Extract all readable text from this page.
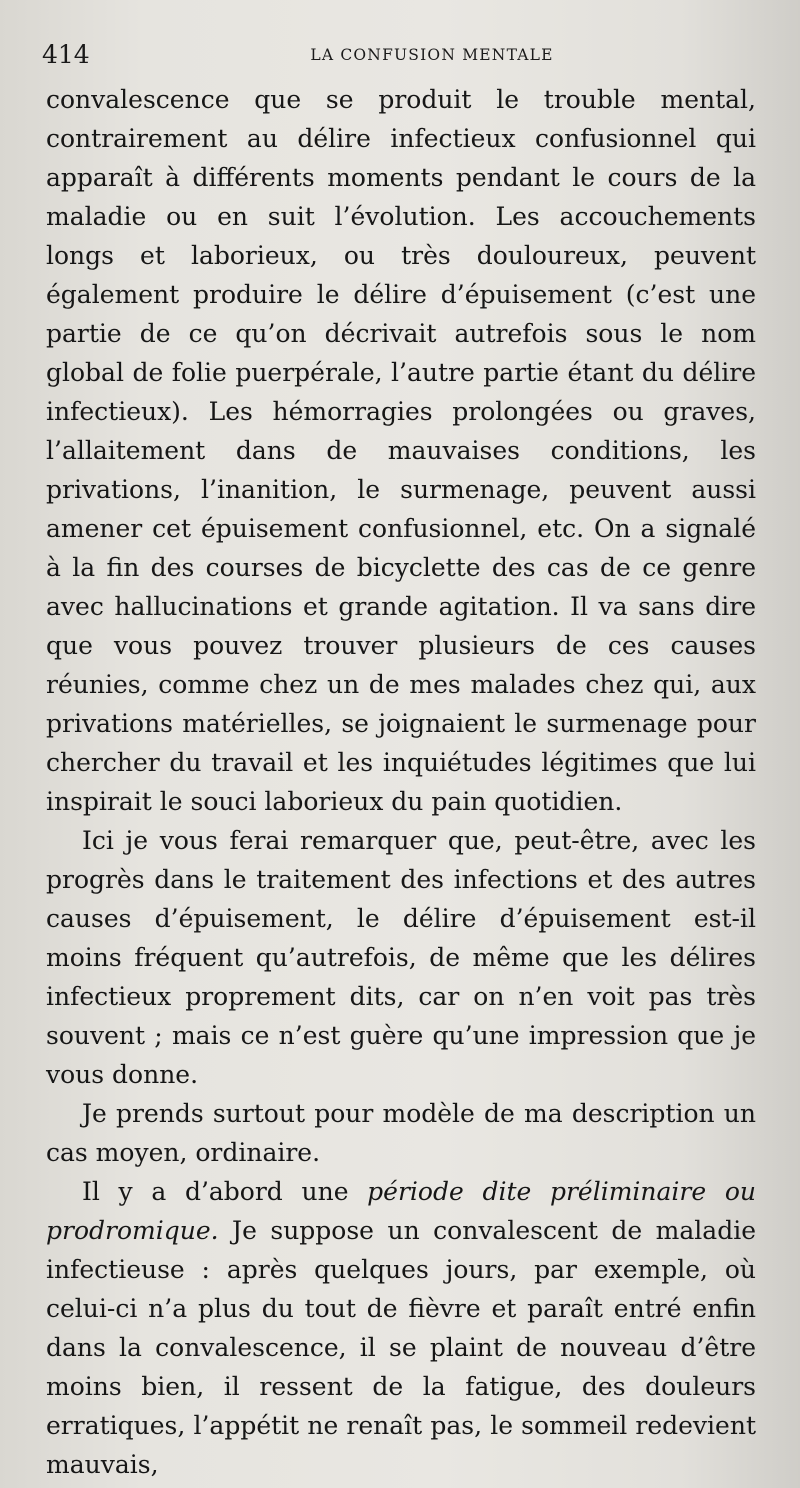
414	LA CONFUSION MENTALE

convalescence que se produit le trouble mental, contrairement au délire infectieux confusionnel qui apparaît à différents moments pendant le cours de la maladie ou en suit l’évolution. Les accouchements longs et laborieux, ou très douloureux, peuvent également produire le délire d’épuisement (c’est une partie de ce qu’on décrivait autrefois sous le nom global de folie puerpérale, l’autre partie étant du délire infectieux). Les hémorragies prolongées ou graves, l’allaitement dans de mauvaises conditions, les privations, l’inanition, le surmenage, peuvent aussi amener cet épuisement confusionnel, etc. On a signalé à la fin des courses de bicyclette des cas de ce genre avec hallucinations et grande agitation. Il va sans dire que vous pouvez trouver plusieurs de ces causes réunies, comme chez un de mes malades chez qui, aux privations matérielles, se joignaient le surmenage pour chercher du travail et les inquiétudes légitimes que lui inspirait le souci laborieux du pain quotidien.

Ici je vous ferai remarquer que, peut-être, avec les progrès dans le traitement des infections et des autres causes d’épuisement, le délire d’épuisement est-il moins fréquent qu’autrefois, de même que les délires infectieux proprement dits, car on n’en voit pas très souvent ; mais ce n’est guère qu’une impression que je vous donne.

Je prends surtout pour modèle de ma description un cas moyen, ordinaire.

Il y a d’abord une période dite préliminaire ou prodromique. Je suppose un convalescent de maladie infectieuse : après quelques jours, par exemple, où celui-ci n’a plus du tout de fièvre et paraît entré enfin dans la convalescence, il se plaint de nouveau d’être moins bien, il ressent de la fatigue, des douleurs erratiques, l’appétit ne renaît pas, le sommeil redevient mauvais,
